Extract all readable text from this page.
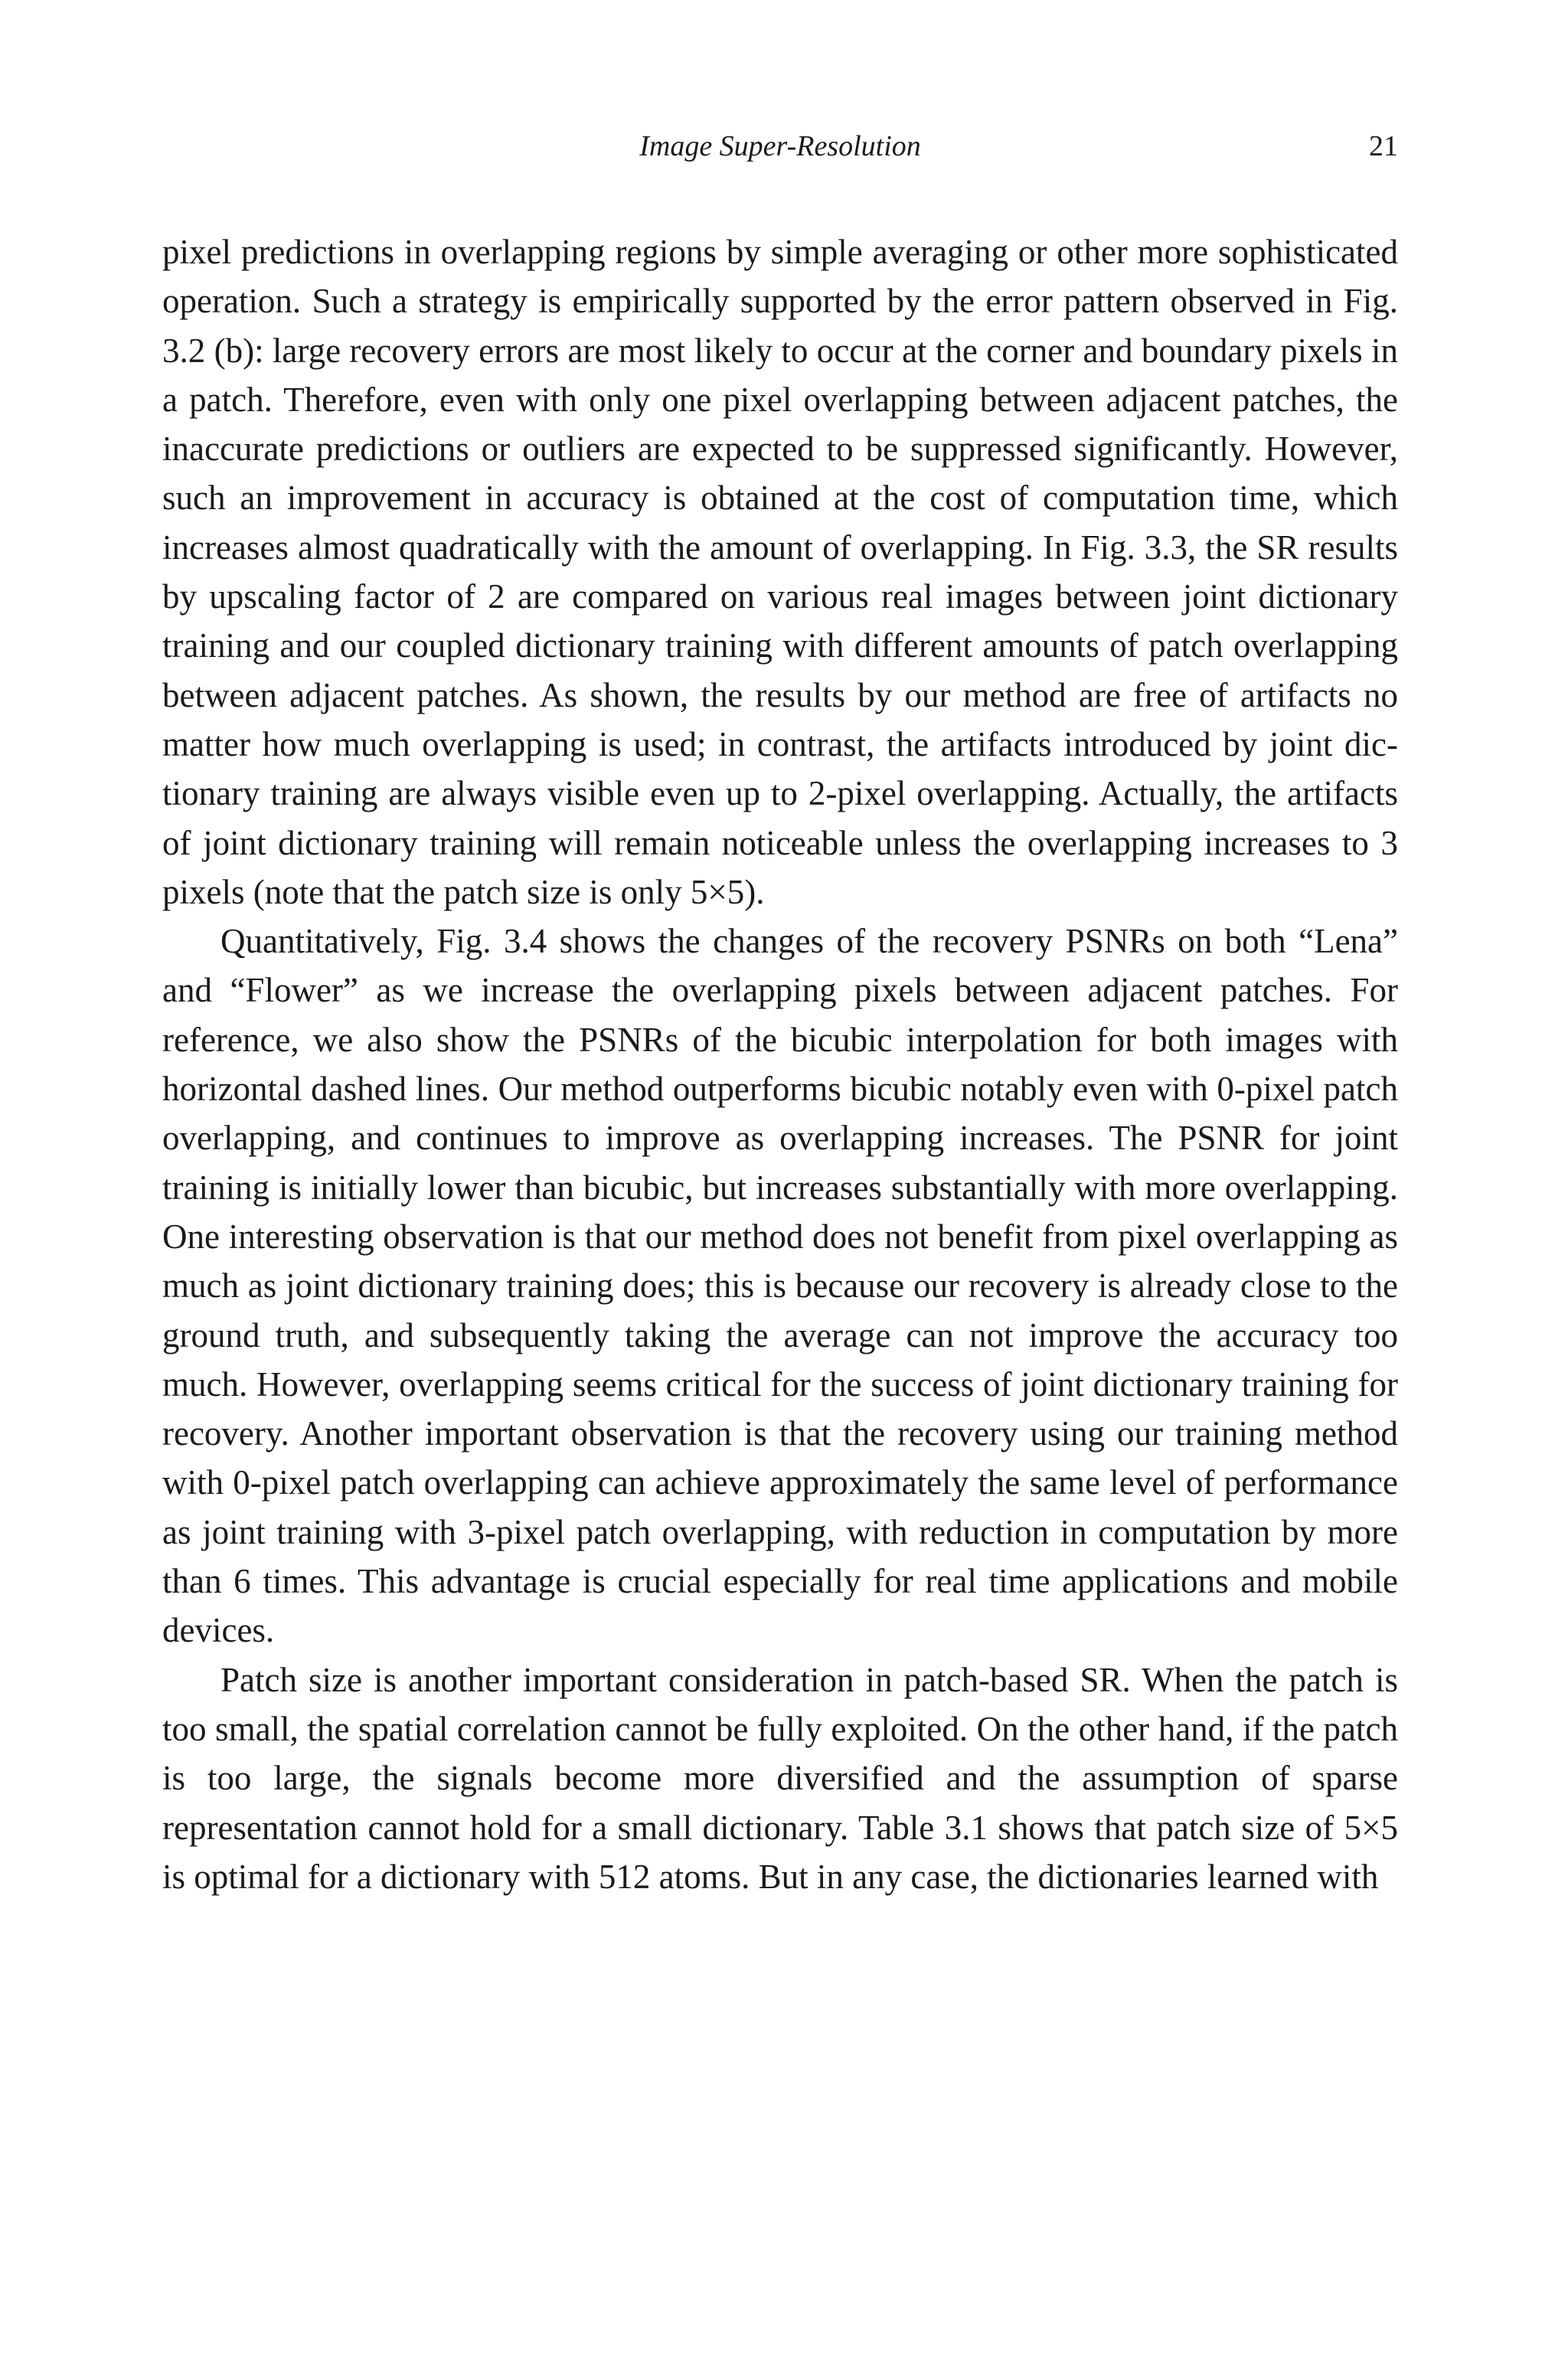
Image Super-Resolution	21

pixel predictions in overlapping regions by simple averaging or other more sophisticated operation. Such a strategy is empirically supported by the error pattern observed in Fig. 3.2 (b): large recovery errors are most likely to occur at the corner and boundary pixels in a patch. Therefore, even with only one pixel overlapping between adjacent patches, the inaccurate predictions or outliers are expected to be suppressed significantly. However, such an improvement in accuracy is obtained at the cost of computation time, which increases almost quadratically with the amount of overlapping. In Fig. 3.3, the SR results by upscaling factor of 2 are compared on various real images between joint dictionary training and our coupled dictionary training with different amounts of patch overlapping between adjacent patches. As shown, the results by our method are free of artifacts no matter how much overlapping is used; in contrast, the artifacts introduced by joint dictionary training are always visible even up to 2-pixel overlapping. Actually, the artifacts of joint dictionary training will remain noticeable unless the overlapping increases to 3 pixels (note that the patch size is only 5×5).

Quantitatively, Fig. 3.4 shows the changes of the recovery PSNRs on both “Lena” and “Flower” as we increase the overlapping pixels between adjacent patches. For reference, we also show the PSNRs of the bicubic interpolation for both images with horizontal dashed lines. Our method outperforms bicubic notably even with 0-pixel patch overlapping, and continues to improve as overlapping increases. The PSNR for joint training is initially lower than bicubic, but increases substantially with more overlapping. One interesting observation is that our method does not benefit from pixel overlapping as much as joint dictionary training does; this is because our recovery is already close to the ground truth, and subsequently taking the average can not improve the accuracy too much. However, overlapping seems critical for the success of joint dictionary training for recovery. Another important observation is that the recovery using our training method with 0-pixel patch overlapping can achieve approximately the same level of performance as joint training with 3-pixel patch overlapping, with reduction in computation by more than 6 times. This advantage is crucial especially for real time applications and mobile devices.

Patch size is another important consideration in patch-based SR. When the patch is too small, the spatial correlation cannot be fully exploited. On the other hand, if the patch is too large, the signals become more diversified and the assumption of sparse representation cannot hold for a small dictionary. Table 3.1 shows that patch size of 5×5 is optimal for a dictionary with 512 atoms. But in any case, the dictionaries learned with
